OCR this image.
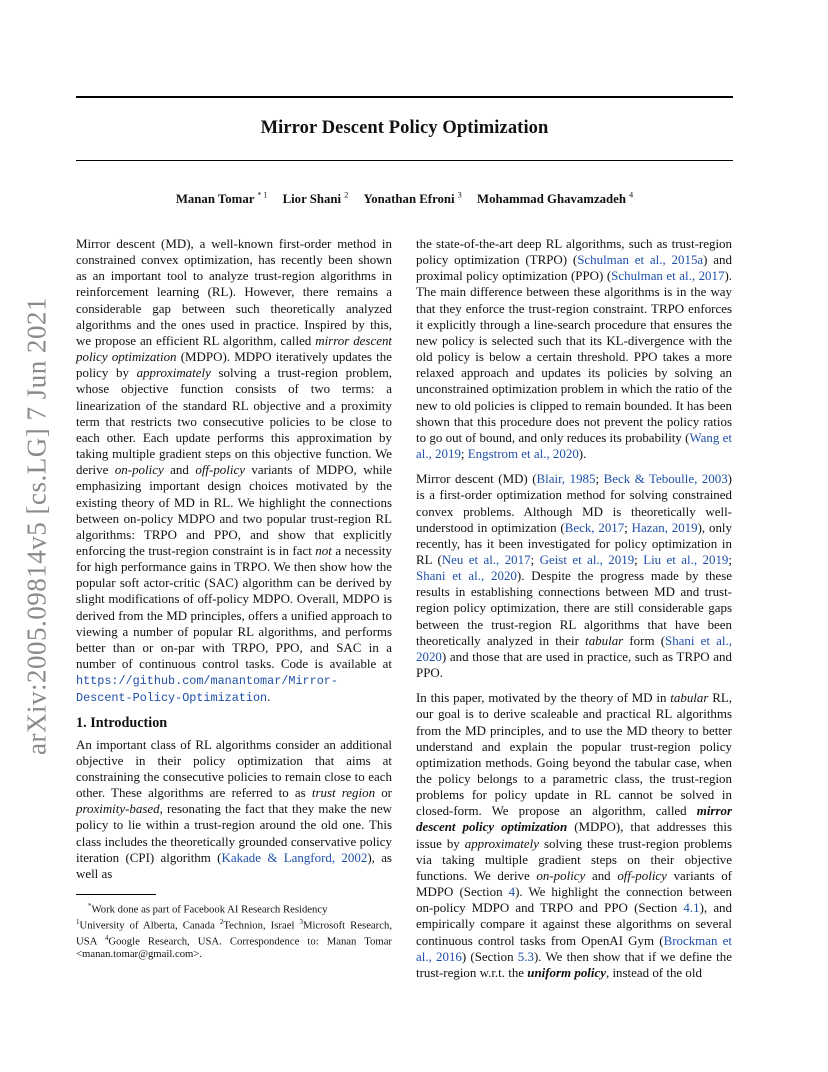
Mirror Descent Policy Optimization
Manan Tomar $^{* 1}$ Lior Shani $^2$ Yonathan Efroni $^3$ Mohammad Ghavamzadeh $^4$
arXiv:2005.09814v5 [cs.LG] 7 Jun 2021

Mirror descent (MD), a well-known first-order method in constrained convex optimization, has recently been shown as an important tool to analyze trust-region algorithms in reinforcement learning (RL). However, there remains a considerable gap between such theoretically analyzed algorithms and the ones used in practice. Inspired by this, we propose an efficient RL algorithm, called mirror descent policy optimization (MDPO). MDPO iteratively updates the policy by approximately solving a trust-region problem, whose objective function consists of two terms: a linearization of the standard RL objective and a proximity term that restricts two consecutive policies to be close to each other. Each update performs this approximation by taking multiple gradient steps on this objective function. We derive on-policy and off-policy variants of MDPO, while emphasizing important design choices motivated by the existing theory of MD in RL. We highlight the connections between on-policy MDPO and two popular trust-region RL algorithms: TRPO and PPO, and show that explicitly enforcing the trust-region constraint is in fact not a necessity for high performance gains in TRPO. We then show how the popular soft actor-critic (SAC) algorithm can be derived by slight modifications of off-policy MDPO. Overall, MDPO is derived from the MD principles, offers a unified approach to viewing a number of popular RL algorithms, and performs better than or on-par with TRPO, PPO, and SAC in a number of continuous control tasks. Code is available at https://github.com/manantomar/Mirror-Descent-Policy-Optimization.

1. Introduction

An important class of RL algorithms consider an additional objective in their policy optimization that aims at constraining the consecutive policies to remain close to each other. These algorithms are referred to as trust region or proximity-based, resonating the fact that they make the new policy to lie within a trust-region around the old one. This class includes the theoretically grounded conservative policy iteration (CPI) algorithm (Kakade & Langford, 2002), as well as

*Work done as part of Facebook AI Research Residency
$^1$University of Alberta, Canada $^2$Technion, Israel $^3$Microsoft Research, USA $^4$Google Research, USA. Correspondence to: Manan Tomar <manan.tomar@gmail.com>.

the state-of-the-art deep RL algorithms, such as trust-region policy optimization (TRPO) (Schulman et al., 2015a) and proximal policy optimization (PPO) (Schulman et al., 2017). The main difference between these algorithms is in the way that they enforce the trust-region constraint. TRPO enforces it explicitly through a line-search procedure that ensures the new policy is selected such that its KL-divergence with the old policy is below a certain threshold. PPO takes a more relaxed approach and updates its policies by solving an unconstrained optimization problem in which the ratio of the new to old policies is clipped to remain bounded. It has been shown that this procedure does not prevent the policy ratios to go out of bound, and only reduces its probability (Wang et al., 2019; Engstrom et al., 2020).

Mirror descent (MD) (Blair, 1985; Beck & Teboulle, 2003) is a first-order optimization method for solving constrained convex problems. Although MD is theoretically well-understood in optimization (Beck, 2017; Hazan, 2019), only recently, has it been investigated for policy optimization in RL (Neu et al., 2017; Geist et al., 2019; Liu et al., 2019; Shani et al., 2020). Despite the progress made by these results in establishing connections between MD and trust-region policy optimization, there are still considerable gaps between the trust-region RL algorithms that have been theoretically analyzed in their tabular form (Shani et al., 2020) and those that are used in practice, such as TRPO and PPO.

In this paper, motivated by the theory of MD in tabular RL, our goal is to derive scaleable and practical RL algorithms from the MD principles, and to use the MD theory to better understand and explain the popular trust-region policy optimization methods. Going beyond the tabular case, when the policy belongs to a parametric class, the trust-region problems for policy update in RL cannot be solved in closed-form. We propose an algorithm, called mirror descent policy optimization (MDPO), that addresses this issue by approximately solving these trust-region problems via taking multiple gradient steps on their objective functions. We derive on-policy and off-policy variants of MDPO (Section 4). We highlight the connection between on-policy MDPO and TRPO and PPO (Section 4.1), and empirically compare it against these algorithms on several continuous control tasks from OpenAI Gym (Brockman et al., 2016) (Section 5.3). We then show that if we define the trust-region w.r.t. the uniform policy, instead of the old
